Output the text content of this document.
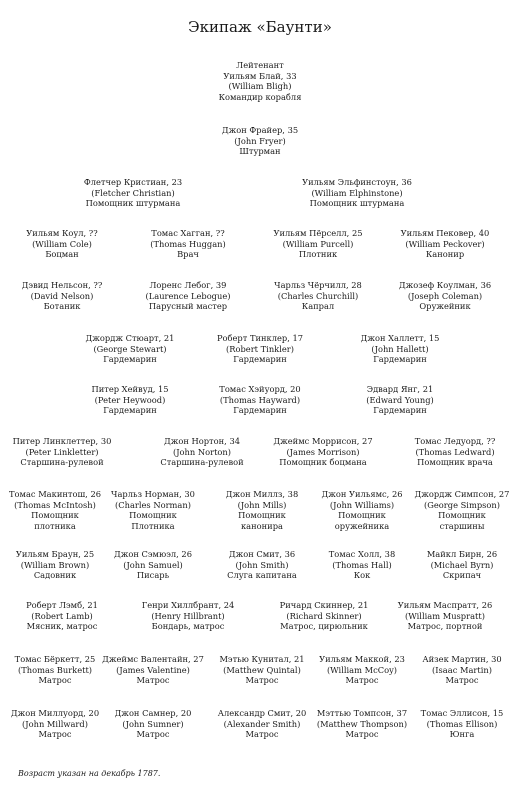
Экипаж «Баунти»
Лейтенант
Уильям Блай, 33
(William Bligh)
Командир корабля
Джон Фрайер, 35
(John Fryer)
Штурман
Флетчер Кристиан, 23
(Fletcher Christian)
Помощник штурмана
Уильям Эльфинстоун, 36
(William Elphinstone)
Помощник штурмана
Уильям Коул, ??
(William Cole)
Боцман
Томас Хагган, ??
(Thomas Huggan)
Врач
Уильям Пёрселл, 25
(William Purcell)
Плотник
Уильям Пековер, 40
(William Peckover)
Канонир
Дэвид Нельсон, ??
(David Nelson)
Ботаник
Лоренс Лебог, 39
(Laurence Lebogue)
Парусный мастер
Чарльз Чёрчилл, 28
(Charles Churchill)
Капрал
Джозеф Коулман, 36
(Joseph Coleman)
Оружейник
Джордж Стюарт, 21
(George Stewart)
Гардемарин
Роберт Тинклер, 17
(Robert Tinkler)
Гардемарин
Джон Халлетт, 15
(John Hallett)
Гардемарин
Питер Хейвуд, 15
(Peter Heywood)
Гардемарин
Томас Хэйуорд, 20
(Thomas Hayward)
Гардемарин
Эдвард Янг, 21
(Edward Young)
Гардемарин
Питер Линклеттер, 30
(Peter Linkletter)
Старшина-рулевой
Джон Нортон, 34
(John Norton)
Старшина-рулевой
Джеймс Моррисон, 27
(James Morrison)
Помощник боцмана
Томас Ледуорд, ??
(Thomas Ledward)
Помощник врача
Томас Макинтош, 26
(Thomas McIntosh)
Помощник
плотника
Чарльз Норман, 30
(Charles Norman)
Помощник
Плотника
Джон Миллз, 38
(John Mills)
Помощник
канонира
Джон Уильямс, 26
(John Williams)
Помощник
оружейника
Джордж Симпсон, 27
(George Simpson)
Помощник
старшины
Уильям Браун, 25
(William Brown)
Садовник
Джон Сэмюэл, 26
(John Samuel)
Писарь
Джон Смит, 36
(John Smith)
Слуга капитана
Томас Холл, 38
(Thomas Hall)
Кок
Майкл Бирн, 26
(Michael Byrn)
Скрипач
Роберт Лэмб, 21
(Robert Lamb)
Мясник, матрос
Генри Хиллбрант, 24
(Henry Hillbrant)
Бондарь, матрос
Ричард Скиннер, 21
(Richard Skinner)
Матрос, цирюльник
Уильям Маспратт, 26
(William Muspratt)
Матрос, портной
Томас Бёркетт, 25
(Thomas Burkett)
Матрос
Джеймс Валентайн, 27
(James Valentine)
Матрос
Мэтью Кунитал, 21
(Matthew Quintal)
Матрос
Уильям Маккой, 23
(William McCoy)
Матрос
Айзек Мартин, 30
(Isaac Martin)
Матрос
Джон Миллуорд, 20
(John Millward)
Матрос
Джон Самнер, 20
(John Sumner)
Матрос
Александр Смит, 20
(Alexander Smith)
Матрос
Мэттью Томпсон, 37
(Matthew Thompson)
Матрос
Томас Эллисон, 15
(Thomas Ellison)
Юнга
Возраст указан на декабрь 1787.
